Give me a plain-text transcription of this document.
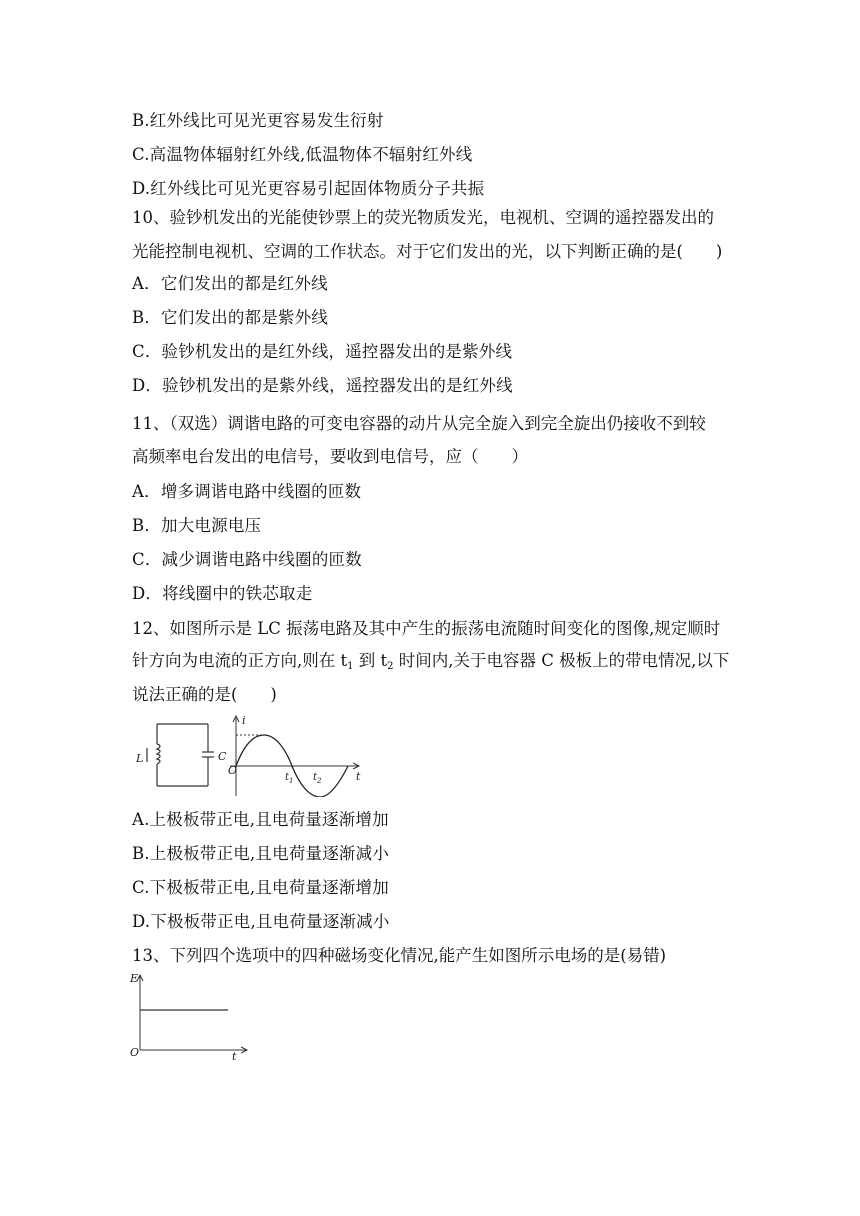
B.红外线比可见光更容易发生衍射
C.高温物体辐射红外线,低温物体不辐射红外线
D.红外线比可见光更容易引起固体物质分子共振
10、验钞机发出的光能使钞票上的荧光物质发光，电视机、空调的遥控器发出的
光能控制电视机、空调的工作状态。对于它们发出的光，以下判断正确的是(　　)
A．它们发出的都是红外线
B．它们发出的都是紫外线
C．验钞机发出的是红外线，遥控器发出的是紫外线
D．验钞机发出的是紫外线，遥控器发出的是红外线
11、（双选）调谐电路的可变电容器的动片从完全旋入到完全旋出仍接收不到较
高频率电台发出的电信号，要收到电信号，应（　　）
A．增多调谐电路中线圈的匝数
B．加大电源电压
C．减少调谐电路中线圈的匝数
D．将线圈中的铁芯取走
12、如图所示是 LC 振荡电路及其中产生的振荡电流随时间变化的图像,规定顺时
针方向为电流的正方向,则在 $t_1$ 到 $t_2$ 时间内,关于电容器 C 极板上的带电情况,以下
说法正确的是(　　)
L	C
i
O	t
$t_1$ $t_2$
A.上极板带正电,且电荷量逐渐增加
B.上极板带正电,且电荷量逐渐减小
C.下极板带正电,且电荷量逐渐增加
D.下极板带正电,且电荷量逐渐减小
13、下列四个选项中的四种磁场变化情况,能产生如图所示电场的是(易错)
E
O	t
